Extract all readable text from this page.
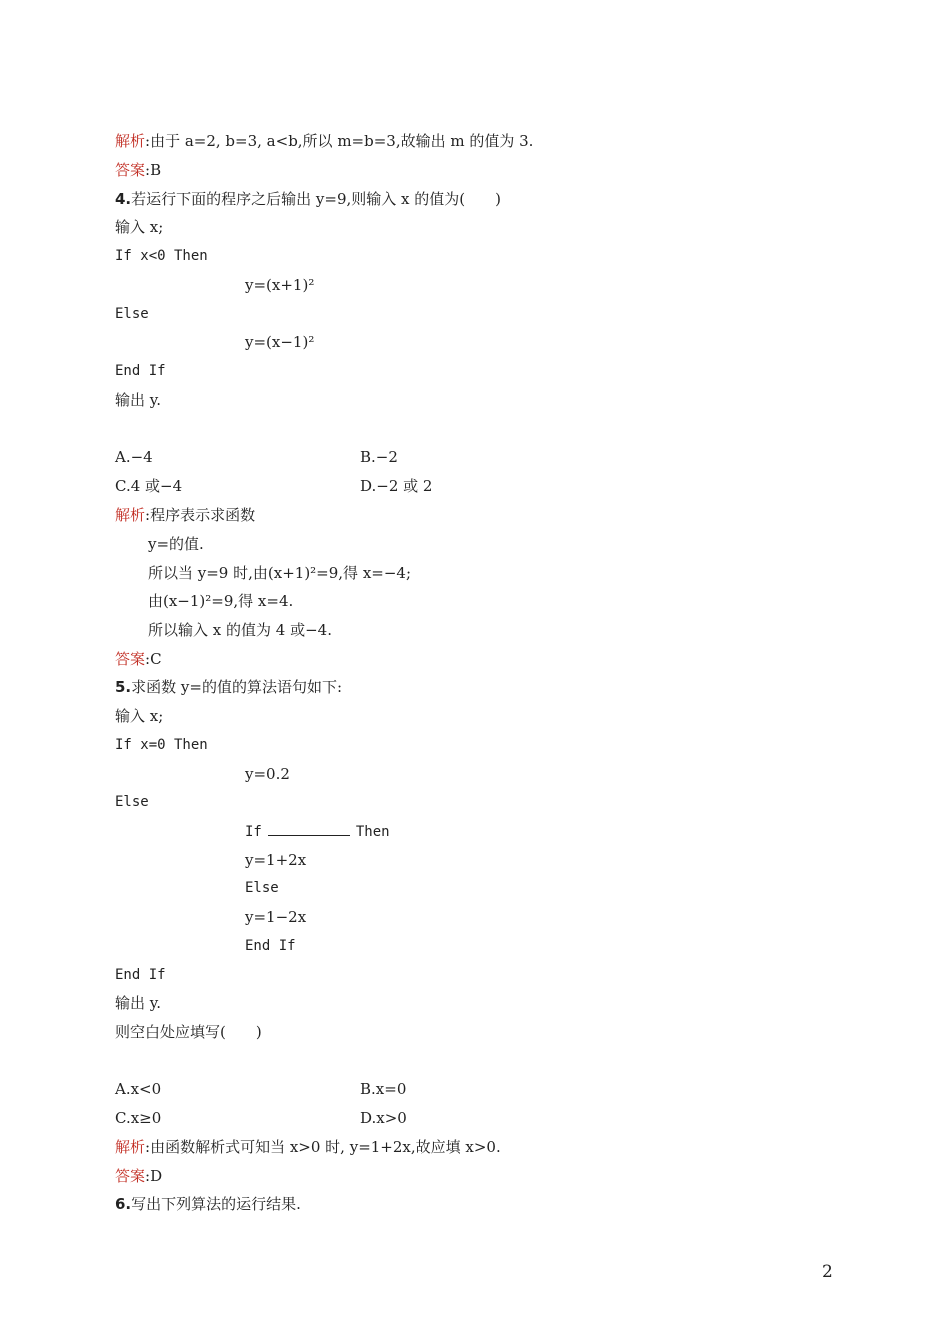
解析:由于 a=2, b=3, a<b,所以 m=b=3,故输出 m 的值为 3.
答案:B
4.若运行下面的程序之后输出 y=9,则输入 x 的值为(　　)
输入 x;
If x<0 Then
y=(x+1)²
Else
y=(x−1)²
End If
输出 y.
A.−4	B.−2
C.4 或−4	D.−2 或 2
解析:程序表示求函数
y=的值.
所以当 y=9 时,由(x+1)²=9,得 x=−4;
由(x−1)²=9,得 x=4.
所以输入 x 的值为 4 或−4.
答案:C
5.求函数 y=的值的算法语句如下:
输入 x;
If x=0 Then
y=0.2
Else
If	Then
y=1+2x
Else
y=1−2x
End If
End If
输出 y.
则空白处应填写(　　)
A.x<0	B.x=0
C.x≥0	D.x>0
解析:由函数解析式可知当 x>0 时, y=1+2x,故应填 x>0.
答案:D
6.写出下列算法的运行结果.
2
